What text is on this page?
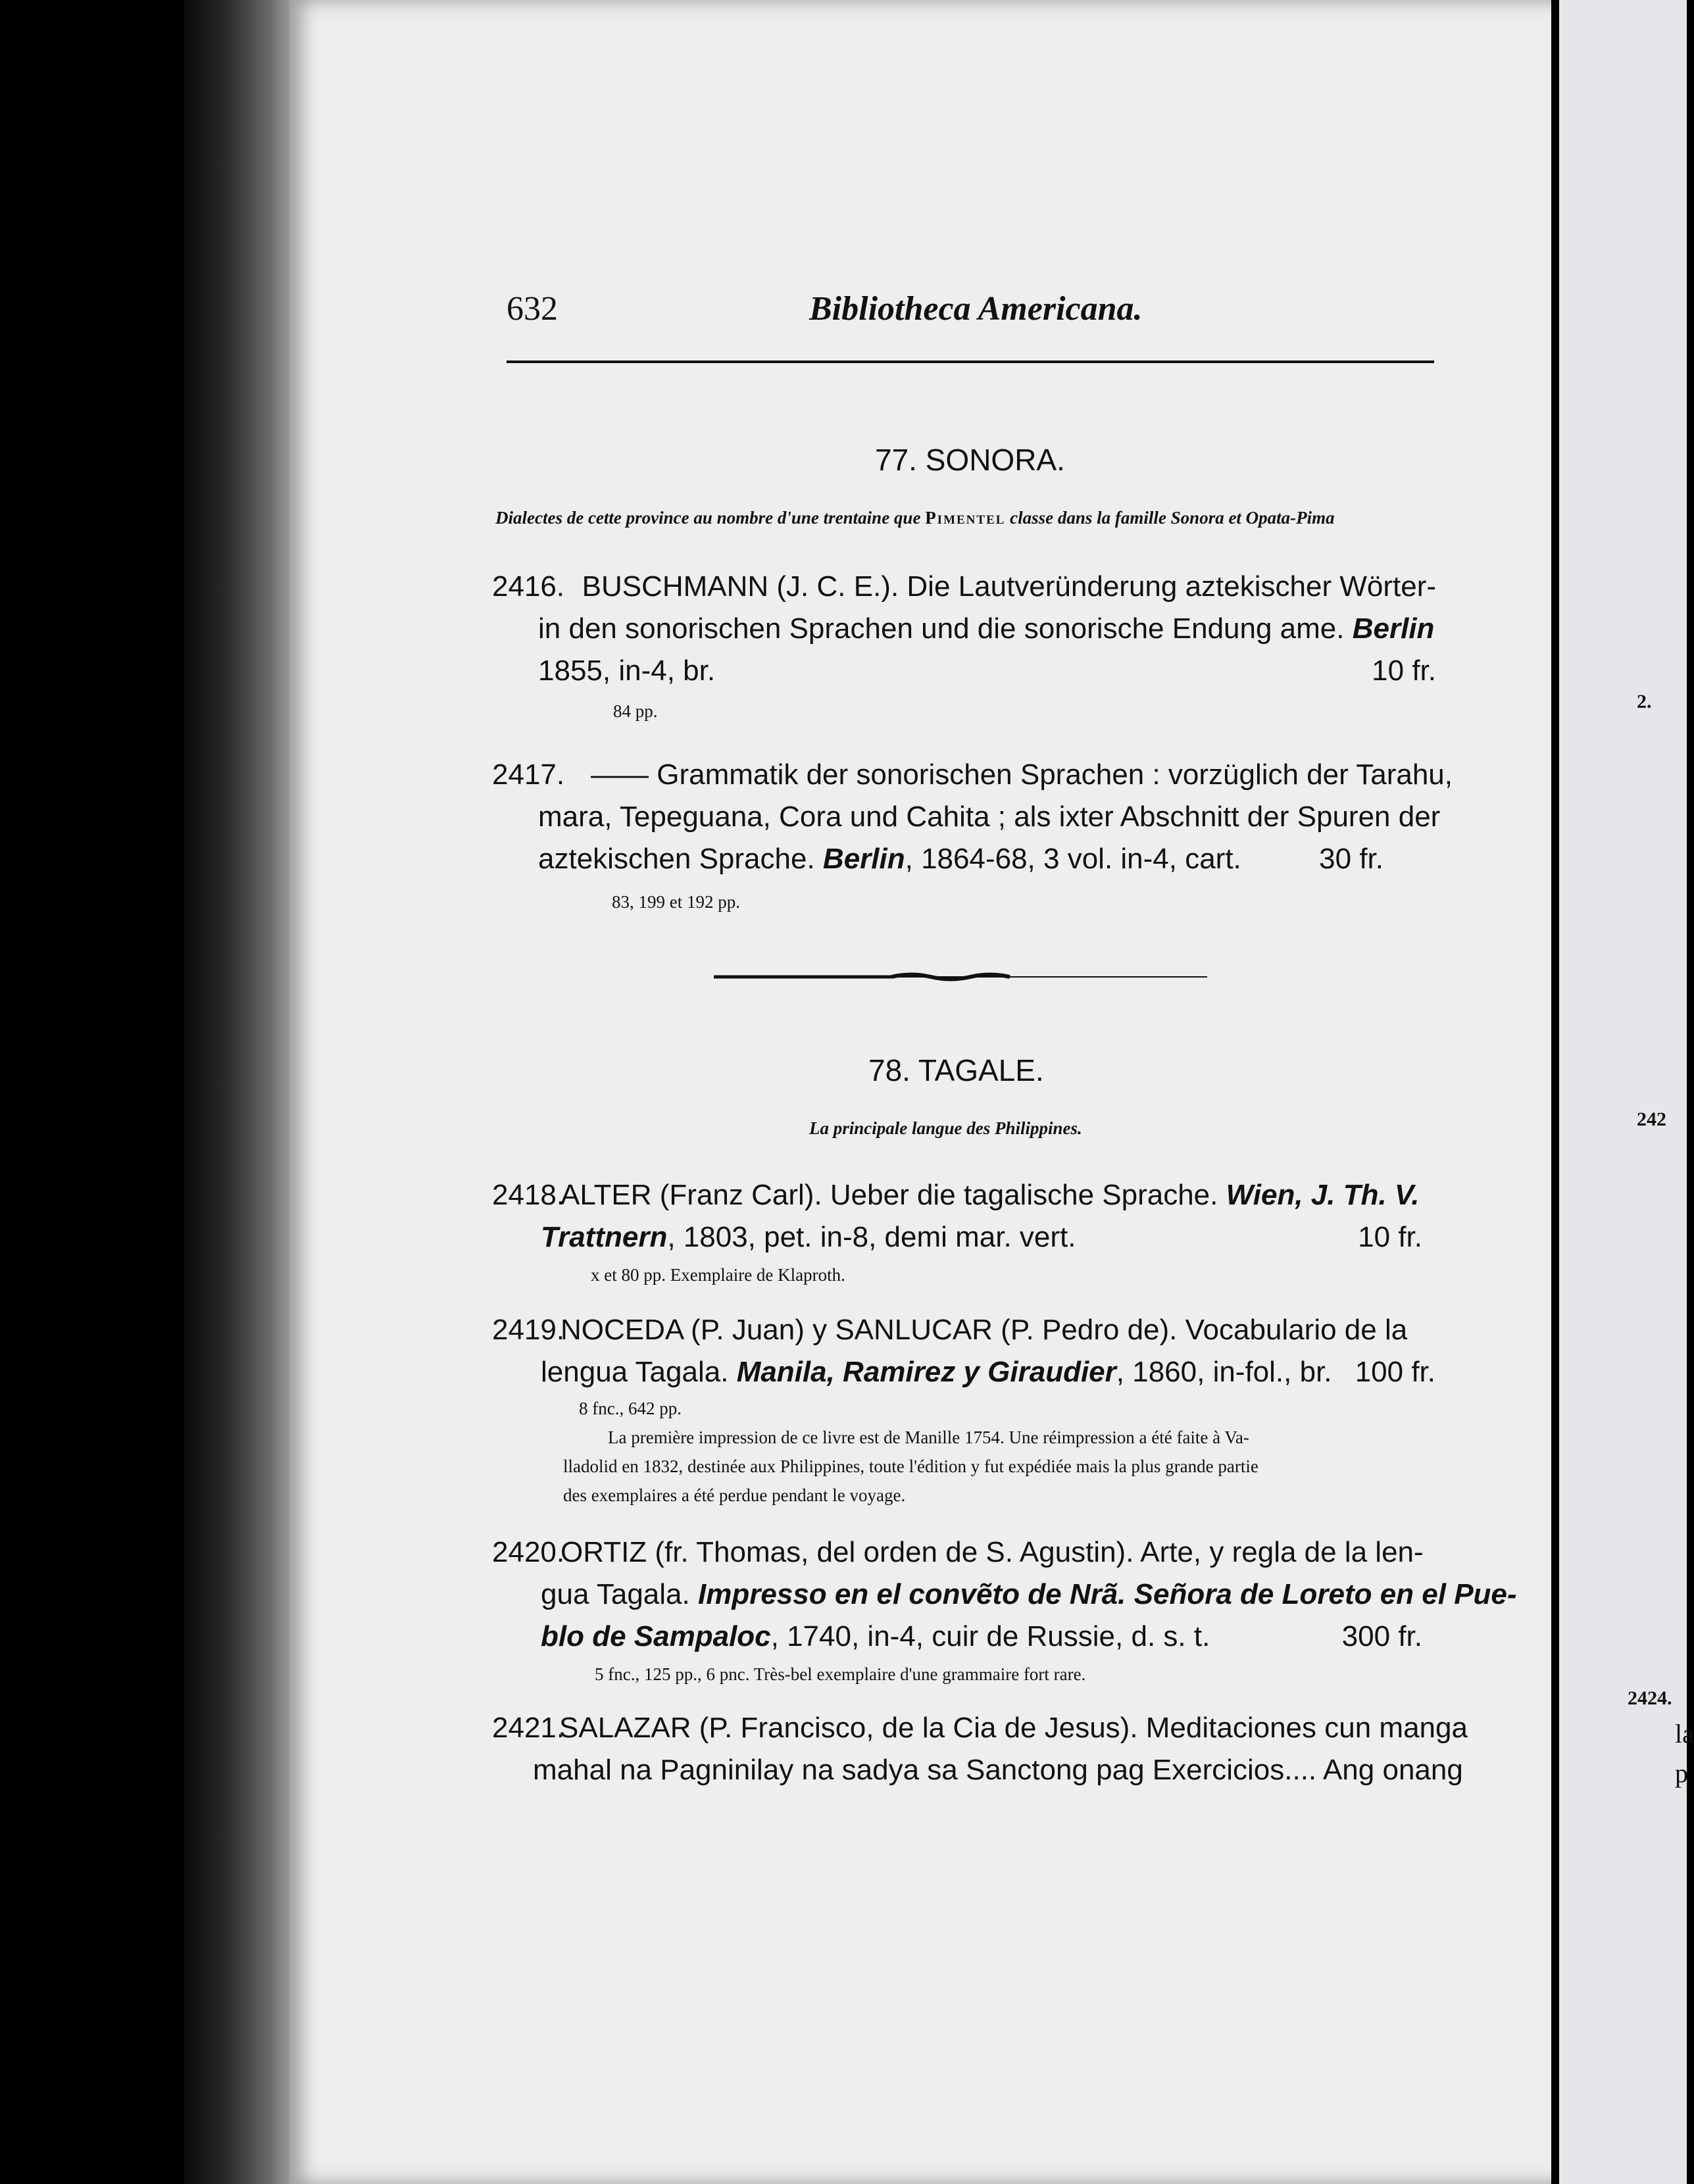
2.
242
2424.
la
p
632	Bibliotheca Americana.
77. SONORA.
Dialectes de cette province au nombre d'une trentaine que Pimentel classe dans la famille Sonora et Opata-Pima
2416. BUSCHMANN (J. C. E.). Die Lautveründerung aztekischer Wörter-
in den sonorischen Sprachen und die sonorische Endung ame. Berlin
1855, in-4, br.	10 fr.
84 pp.
2417. —— Grammatik der sonorischen Sprachen : vorzüglich der Tarahu,
mara, Tepeguana, Cora und Cahita ; als ixter Abschnitt der Spuren der
aztekischen Sprache. Berlin, 1864-68, 3 vol. in-4, cart.	30 fr.
83, 199 et 192 pp.
78. TAGALE.
La principale langue des Philippines.
2418.
ALTER (Franz Carl). Ueber die tagalische Sprache. Wien, J. Th. V.
Trattnern, 1803, pet. in-8, demi mar. vert.	10 fr.
x et 80 pp. Exemplaire de Klaproth.
2419.
NOCEDA (P. Juan) y SANLUCAR (P. Pedro de). Vocabulario de la
lengua Tagala. Manila, Ramirez y Giraudier, 1860, in-fol., br. 100 fr.
8 fnc., 642 pp.
La première impression de ce livre est de Manille 1754. Une réimpression a été faite à Va-
lladolid en 1832, destinée aux Philippines, toute l'édition y fut expédiée mais la plus grande partie
des exemplaires a été perdue pendant le voyage.
2420.
ORTIZ (fr. Thomas, del orden de S. Agustin). Arte, y regla de la len-
gua Tagala. Impresso en el convẽto de Nrã. Señora de Loreto en el Pue-
blo de Sampaloc, 1740, in-4, cuir de Russie, d. s. t.	300 fr.
5 fnc., 125 pp., 6 pnc. Très-bel exemplaire d'une grammaire fort rare.
2421.
SALAZAR (P. Francisco, de la Cia de Jesus). Meditaciones cun manga
mahal na Pagninilay na sadya sa Sanctong pag Exercicios.... Ang onang
